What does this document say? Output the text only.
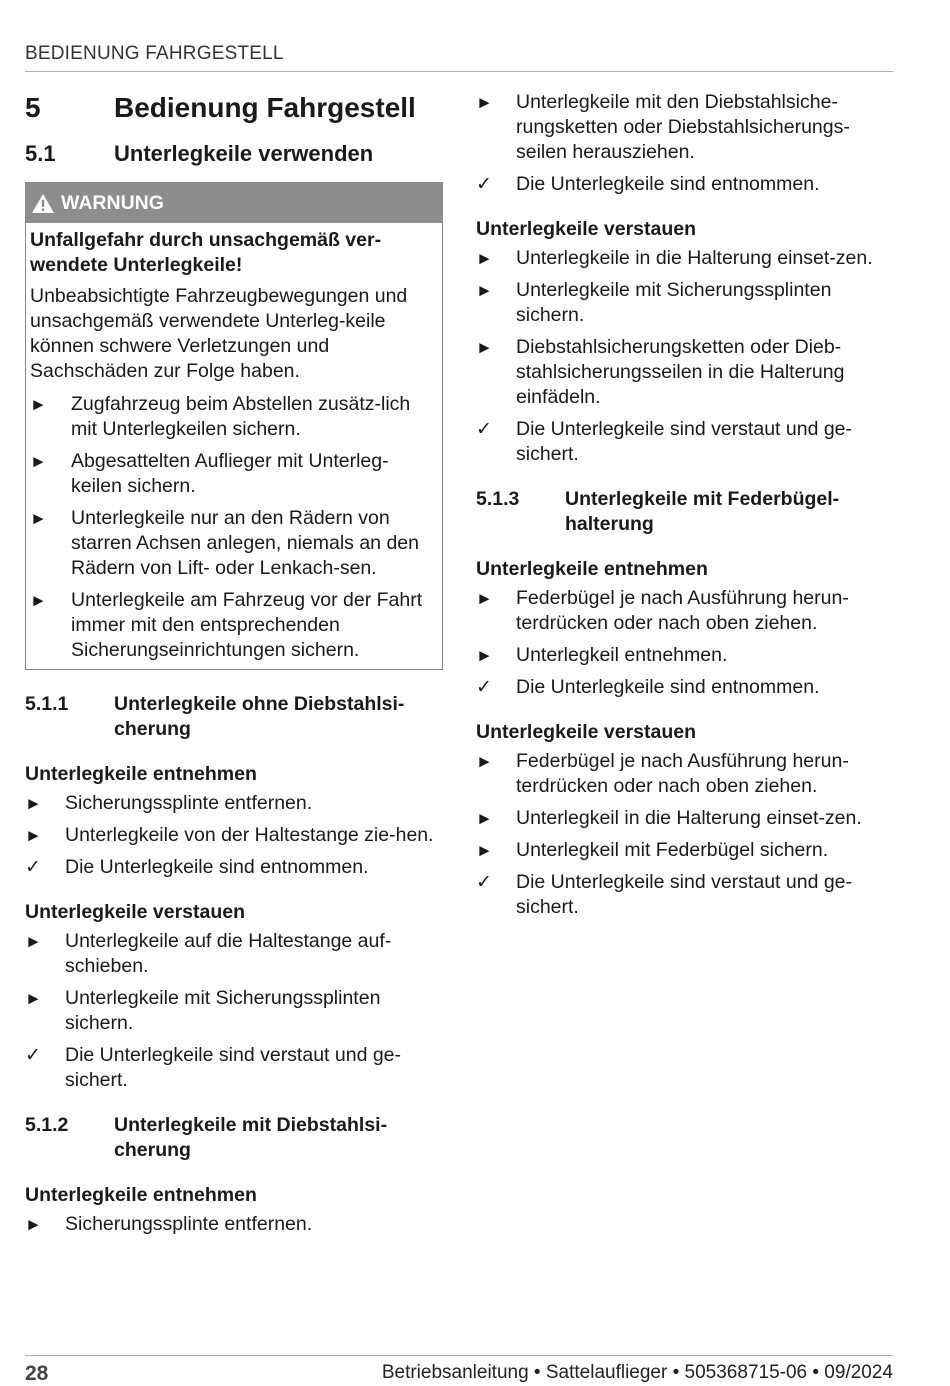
BEDIENUNG FAHRGESTELL
5	Bedienung Fahrgestell
5.1	Unterlegkeile verwenden
WARNUNG
Unfallgefahr durch unsachgemäß ver-wendete Unterlegkeile!
Unbeabsichtigte Fahrzeugbewegungen und unsachgemäß verwendete Unterleg-keile können schwere Verletzungen und Sachschäden zur Folge haben.
►	Zugfahrzeug beim Abstellen zusätz-lich mit Unterlegkeilen sichern.
►	Abgesattelten Auflieger mit Unterleg-keilen sichern.
►	Unterlegkeile nur an den Rädern von starren Achsen anlegen, niemals an den Rädern von Lift- oder Lenkach-sen.
►	Unterlegkeile am Fahrzeug vor der Fahrt immer mit den entsprechenden Sicherungseinrichtungen sichern.
5.1.1	Unterlegkeile ohne Diebstahlsi-cherung
Unterlegkeile entnehmen
►	Sicherungssplinte entfernen.
►	Unterlegkeile von der Haltestange zie-hen.
✓	Die Unterlegkeile sind entnommen.
Unterlegkeile verstauen
►	Unterlegkeile auf die Haltestange auf-schieben.
►	Unterlegkeile mit Sicherungssplinten sichern.
✓	Die Unterlegkeile sind verstaut und ge-sichert.
5.1.2	Unterlegkeile mit Diebstahlsi-cherung
Unterlegkeile entnehmen
►	Sicherungssplinte entfernen.
►	Unterlegkeile mit den Diebstahlsiche-rungsketten oder Diebstahlsicherungs-seilen herausziehen.
✓	Die Unterlegkeile sind entnommen.
Unterlegkeile verstauen
►	Unterlegkeile in die Halterung einset-zen.
►	Unterlegkeile mit Sicherungssplinten sichern.
►	Diebstahlsicherungsketten oder Dieb-stahlsicherungsseilen in die Halterung einfädeln.
✓	Die Unterlegkeile sind verstaut und ge-sichert.
5.1.3	Unterlegkeile mit Federbügel-halterung
Unterlegkeile entnehmen
►	Federbügel je nach Ausführung herun-terdrücken oder nach oben ziehen.
►	Unterlegkeil entnehmen.
✓	Die Unterlegkeile sind entnommen.
Unterlegkeile verstauen
►	Federbügel je nach Ausführung herun-terdrücken oder nach oben ziehen.
►	Unterlegkeil in die Halterung einset-zen.
►	Unterlegkeil mit Federbügel sichern.
✓	Die Unterlegkeile sind verstaut und ge-sichert.
28	Betriebsanleitung • Sattelauflieger • 505368715-06 • 09/2024
